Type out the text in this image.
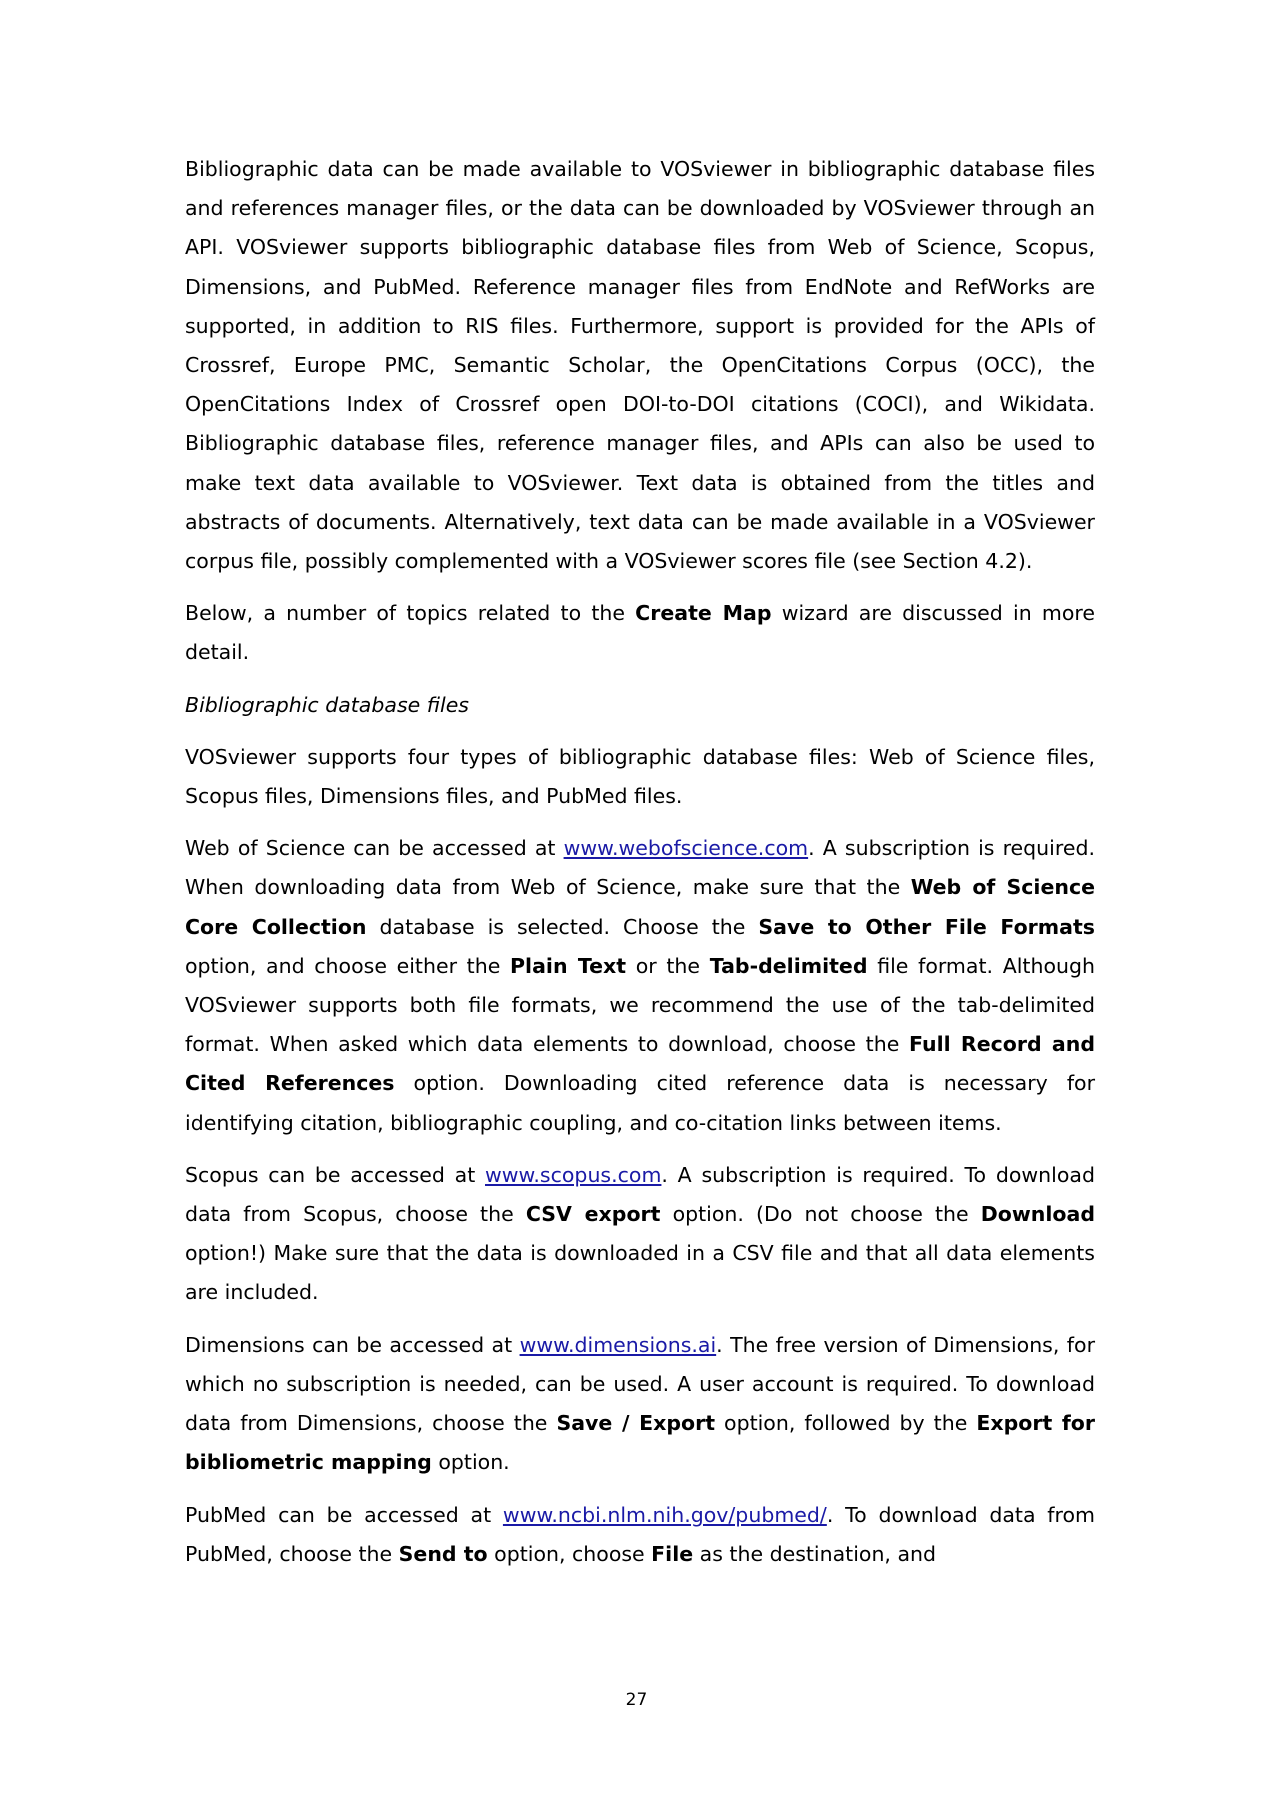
Bibliographic data can be made available to VOSviewer in bibliographic database files and references manager files, or the data can be downloaded by VOSviewer through an API. VOSviewer supports bibliographic database files from Web of Science, Scopus, Dimensions, and PubMed. Reference manager files from EndNote and RefWorks are supported, in addition to RIS files. Furthermore, support is provided for the APIs of Crossref, Europe PMC, Semantic Scholar, the OpenCitations Corpus (OCC), the OpenCitations Index of Crossref open DOI-to-DOI citations (COCI), and Wikidata. Bibliographic database files, reference manager files, and APIs can also be used to make text data available to VOSviewer. Text data is obtained from the titles and abstracts of documents. Alternatively, text data can be made available in a VOSviewer corpus file, possibly complemented with a VOSviewer scores file (see Section 4.2).

Below, a number of topics related to the Create Map wizard are discussed in more detail.

Bibliographic database files

VOSviewer supports four types of bibliographic database files: Web of Science files, Scopus files, Dimensions files, and PubMed files.

Web of Science can be accessed at www.webofscience.com. A subscription is required. When downloading data from Web of Science, make sure that the Web of Science Core Collection database is selected. Choose the Save to Other File Formats option, and choose either the Plain Text or the Tab-delimited file format. Although VOSviewer supports both file formats, we recommend the use of the tab-delimited format. When asked which data elements to download, choose the Full Record and Cited References option. Downloading cited reference data is necessary for identifying citation, bibliographic coupling, and co-citation links between items.

Scopus can be accessed at www.scopus.com. A subscription is required. To download data from Scopus, choose the CSV export option. (Do not choose the Download option!) Make sure that the data is downloaded in a CSV file and that all data elements are included.

Dimensions can be accessed at www.dimensions.ai. The free version of Dimensions, for which no subscription is needed, can be used. A user account is required. To download data from Dimensions, choose the Save / Export option, followed by the Export for bibliometric mapping option.

PubMed can be accessed at www.ncbi.nlm.nih.gov/pubmed/. To download data from PubMed, choose the Send to option, choose File as the destination, and

27
